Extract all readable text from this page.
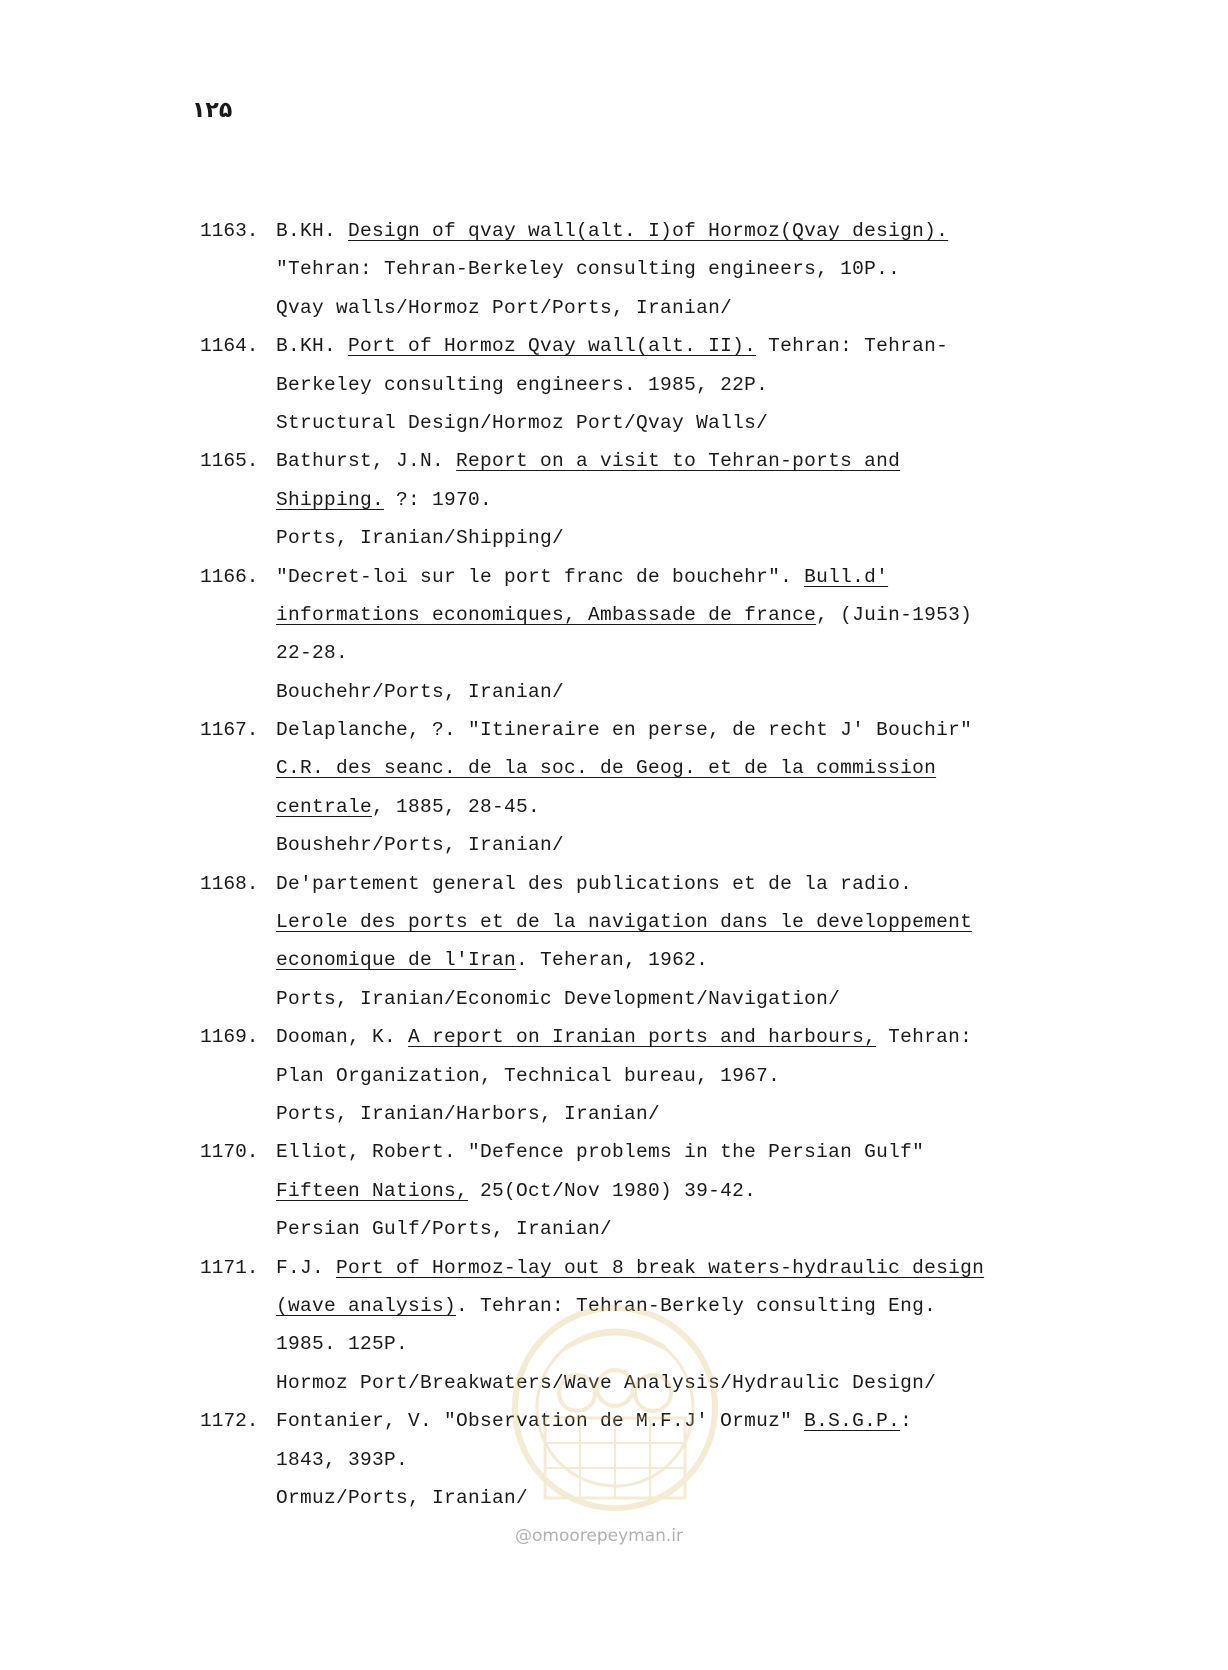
١٢۵
1163. B.KH. Design of qvay wall(alt. I)of Hormoz(Qvay design).
"Tehran: Tehran-Berkeley consulting engineers, 10P..
Qvay walls/Hormoz Port/Ports, Iranian/
1164. B.KH. Port of Hormoz Qvay wall(alt. II). Tehran: Tehran-
Berkeley consulting engineers. 1985, 22P.
Structural Design/Hormoz Port/Qvay Walls/
1165. Bathurst, J.N. Report on a visit to Tehran-ports and
Shipping. ?: 1970.
Ports, Iranian/Shipping/
1166. "Decret-loi sur le port franc de bouchehr". Bull.d'
informations economiques, Ambassade de france, (Juin-1953)
22-28.
Bouchehr/Ports, Iranian/
1167. Delaplanche, ?. "Itineraire en perse, de recht J' Bouchir"
C.R. des seanc. de la soc. de Geog. et de la commission
centrale, 1885, 28-45.
Boushehr/Ports, Iranian/
1168. De'partement general des publications et de la radio.
Lerole des ports et de la navigation dans le developpement
economique de l'Iran. Teheran, 1962.
Ports, Iranian/Economic Development/Navigation/
1169. Dooman, K. A report on Iranian ports and harbours, Tehran:
Plan Organization, Technical bureau, 1967.
Ports, Iranian/Harbors, Iranian/
1170. Elliot, Robert. "Defence problems in the Persian Gulf"
Fifteen Nations, 25(Oct/Nov 1980) 39-42.
Persian Gulf/Ports, Iranian/
1171. F.J. Port of Hormoz-lay out 8 break waters-hydraulic design
(wave analysis). Tehran: Tehran-Berkely consulting Eng.
1985. 125P.
Hormoz Port/Breakwaters/Wave Analysis/Hydraulic Design/
1172. Fontanier, V. "Observation de M.F.J' Ormuz" B.S.G.P.:
1843, 393P.
Ormuz/Ports, Iranian/
@omoorepeyman.ir
